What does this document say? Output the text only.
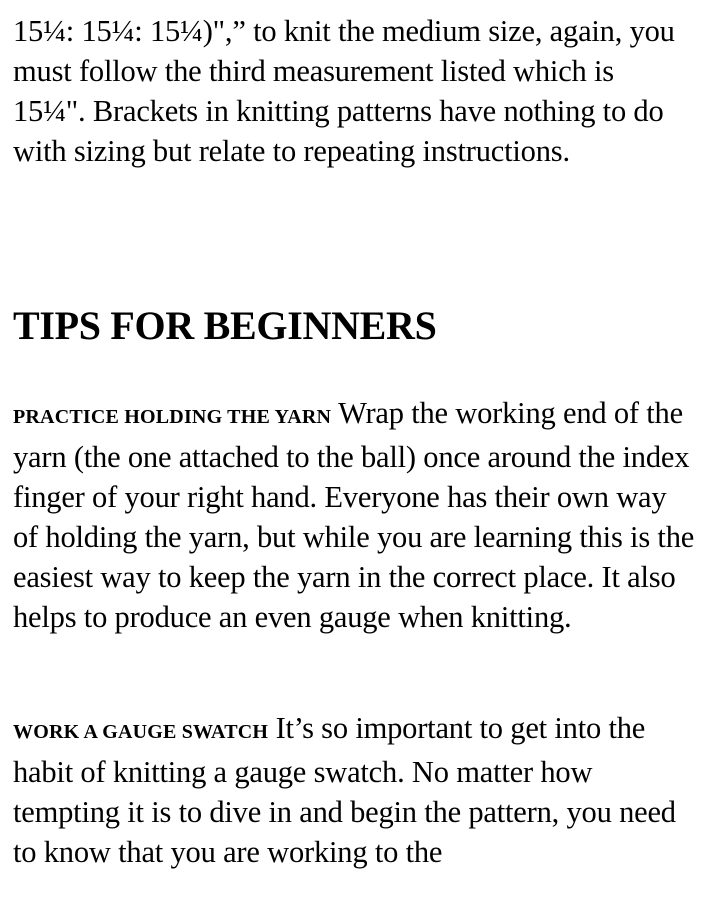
15¼: 15¼: 15¼)",” to knit the medium size, again, you must follow the third measurement listed which is 15¼". Brackets in knitting patterns have nothing to do with sizing but relate to repeating instructions.

TIPS FOR BEGINNERS

PRACTICE HOLDING THE YARN Wrap the working end of the yarn (the one attached to the ball) once around the index finger of your right hand. Everyone has their own way of holding the yarn, but while you are learning this is the easiest way to keep the yarn in the correct place. It also helps to produce an even gauge when knitting.

WORK A GAUGE SWATCH It’s so important to get into the habit of knitting a gauge swatch. No matter how tempting it is to dive in and begin the pattern, you need to know that you are working to the
